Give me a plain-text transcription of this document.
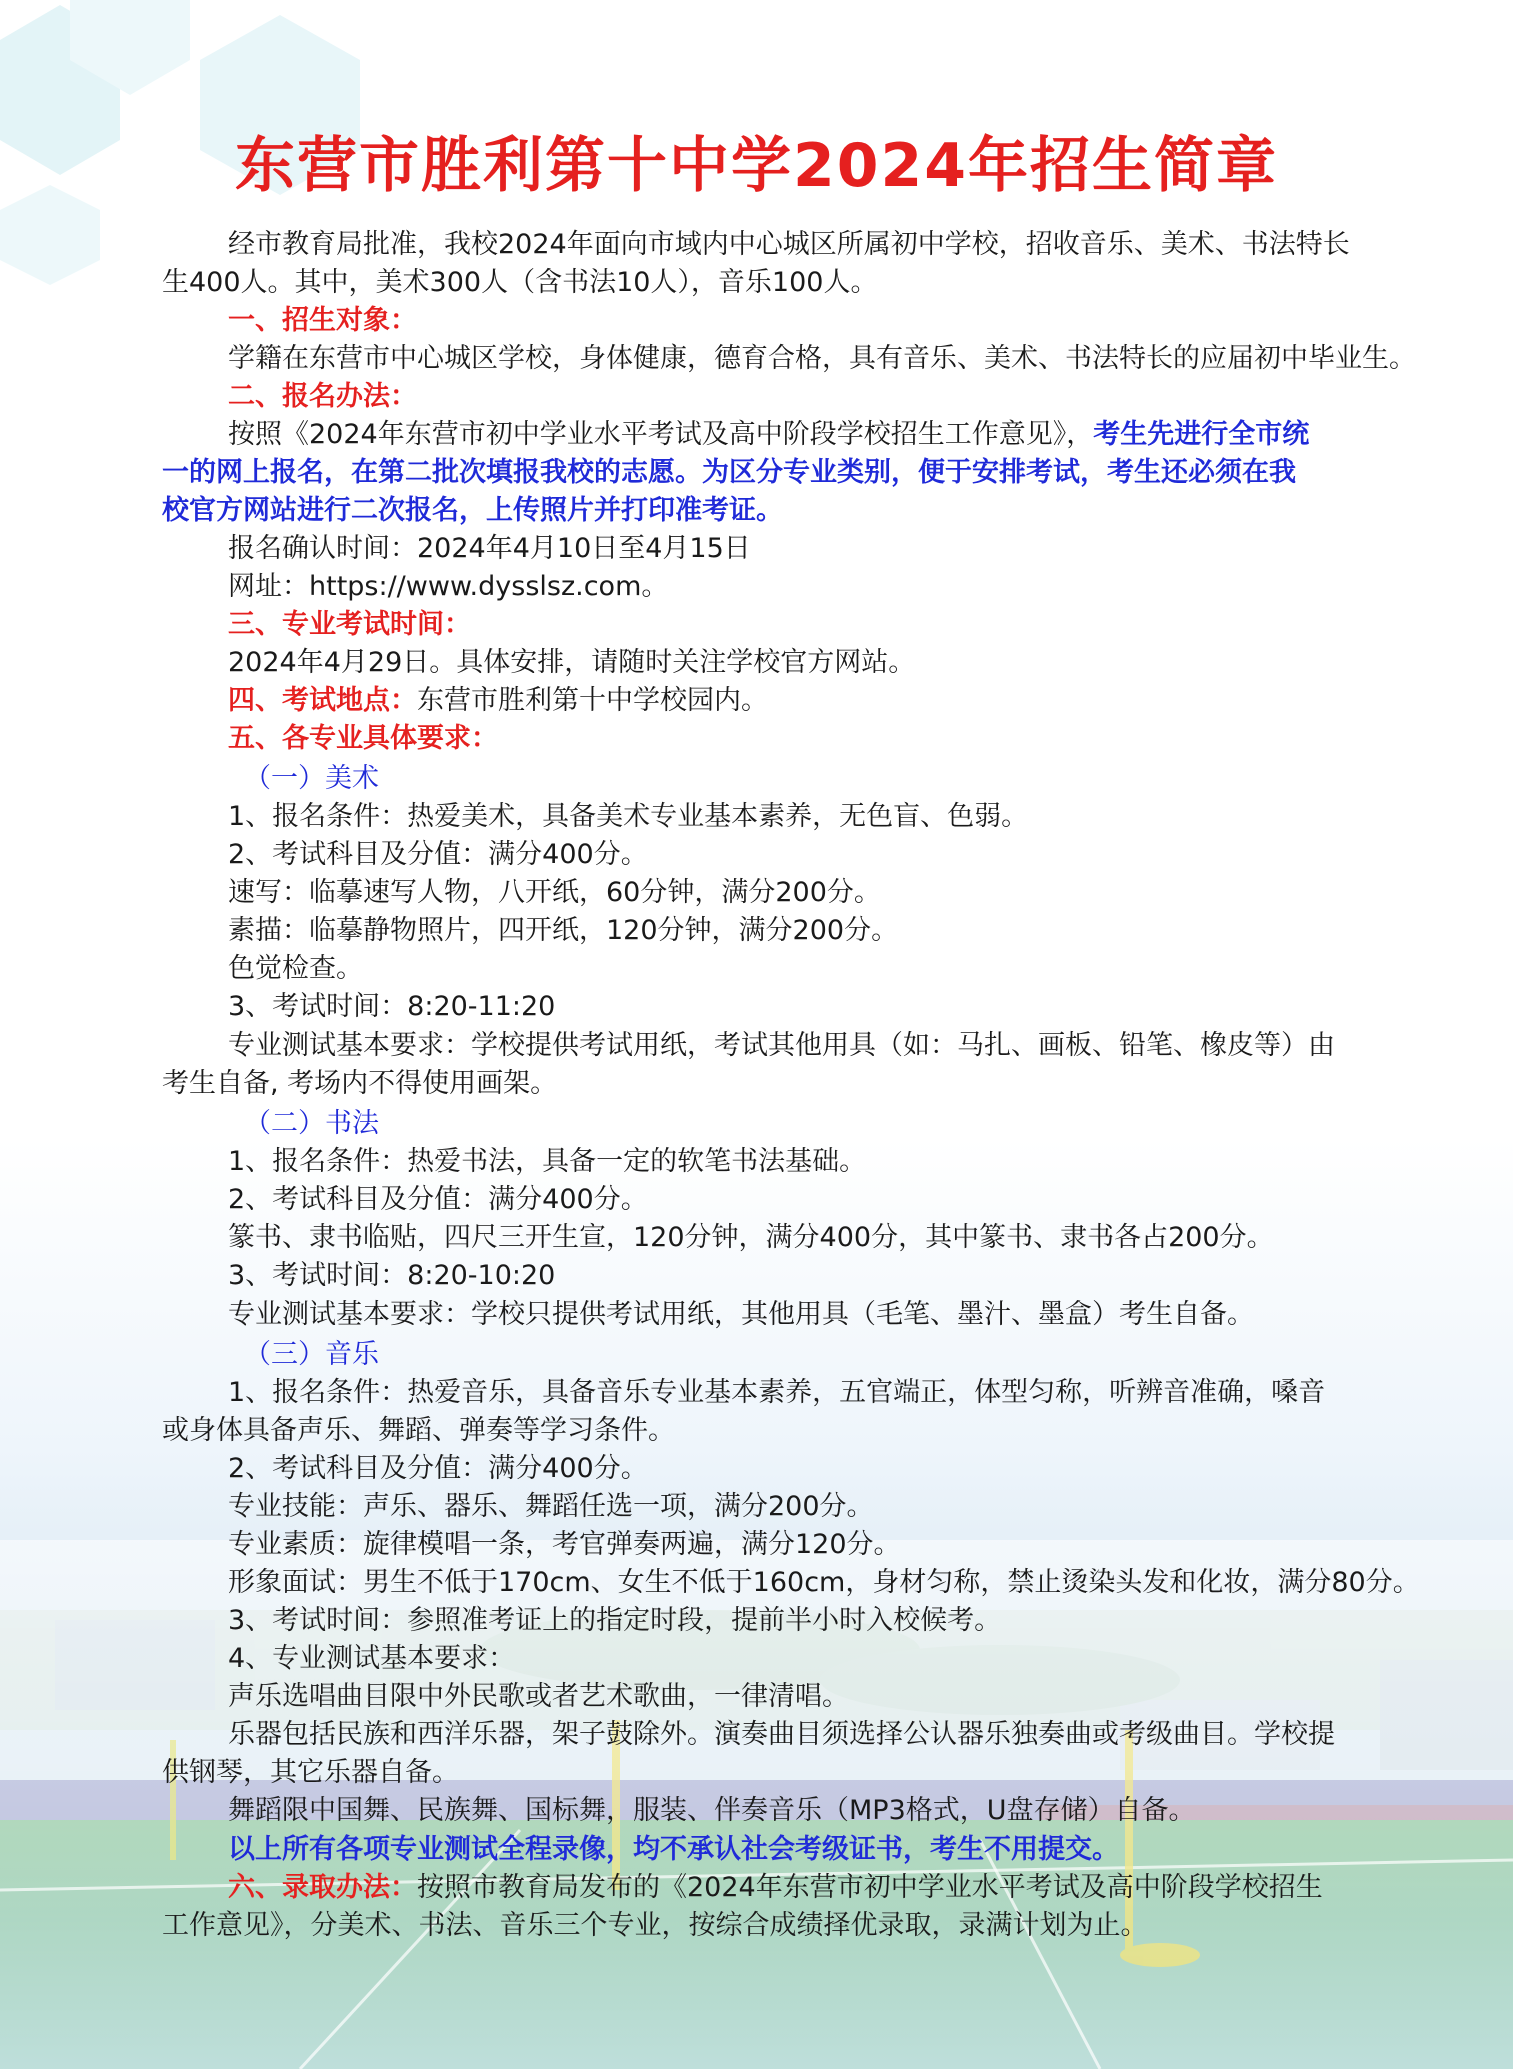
东营市胜利第十中学2024年招生简章
经市教育局批准，我校2024年面向市域内中心城区所属初中学校，招收音乐、美术、书法特长
生400人。其中，美术300人（含书法10人），音乐100人。
一、招生对象：
学籍在东营市中心城区学校，身体健康，德育合格，具有音乐、美术、书法特长的应届初中毕业生。
二、报名办法：
按照《2024年东营市初中学业水平考试及高中阶段学校招生工作意见》，考生先进行全市统
一的网上报名，在第二批次填报我校的志愿。为区分专业类别，便于安排考试，考生还必须在我
校官方网站进行二次报名，上传照片并打印准考证。
报名确认时间：2024年4月10日至4月15日
网址：https://www.dysslsz.com。
三、专业考试时间：
2024年4月29日。具体安排，请随时关注学校官方网站。
四、考试地点：东营市胜利第十中学校园内。
五、各专业具体要求：
（一）美术
1、报名条件：热爱美术，具备美术专业基本素养，无色盲、色弱。
2、考试科目及分值：满分400分。
速写：临摹速写人物，八开纸，60分钟，满分200分。
素描：临摹静物照片，四开纸，120分钟，满分200分。
色觉检查。
3、考试时间：8:20-11:20
专业测试基本要求：学校提供考试用纸，考试其他用具（如：马扎、画板、铅笔、橡皮等）由
考生自备, 考场内不得使用画架。
（二）书法
1、报名条件：热爱书法，具备一定的软笔书法基础。
2、考试科目及分值：满分400分。
篆书、隶书临贴，四尺三开生宣，120分钟，满分400分，其中篆书、隶书各占200分。
3、考试时间：8:20-10:20
专业测试基本要求：学校只提供考试用纸，其他用具（毛笔、墨汁、墨盒）考生自备。
（三）音乐
1、报名条件：热爱音乐，具备音乐专业基本素养，五官端正，体型匀称，听辨音准确，嗓音
或身体具备声乐、舞蹈、弹奏等学习条件。
2、考试科目及分值：满分400分。
专业技能：声乐、器乐、舞蹈任选一项，满分200分。
专业素质：旋律模唱一条，考官弹奏两遍，满分120分。
形象面试：男生不低于170cm、女生不低于160cm，身材匀称，禁止烫染头发和化妆，满分80分。
3、考试时间：参照准考证上的指定时段，提前半小时入校候考。
4、专业测试基本要求：
声乐选唱曲目限中外民歌或者艺术歌曲，一律清唱。
乐器包括民族和西洋乐器，架子鼓除外。演奏曲目须选择公认器乐独奏曲或考级曲目。学校提
供钢琴，其它乐器自备。
舞蹈限中国舞、民族舞、国标舞，服装、伴奏音乐（MP3格式，U盘存储）自备。
以上所有各项专业测试全程录像，均不承认社会考级证书，考生不用提交。
六、录取办法：按照市教育局发布的《2024年东营市初中学业水平考试及高中阶段学校招生
工作意见》，分美术、书法、音乐三个专业，按综合成绩择优录取，录满计划为止。
